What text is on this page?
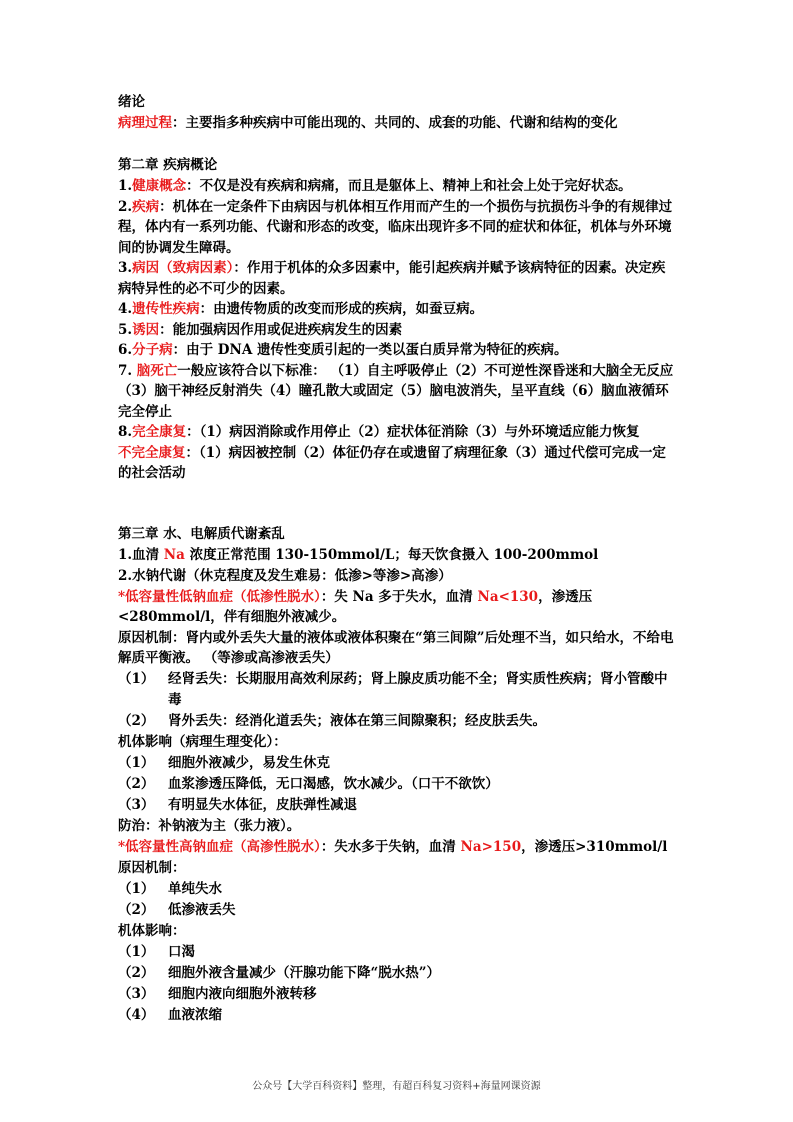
绪论
病理过程：主要指多种疾病中可能出现的、共同的、成套的功能、代谢和结构的变化
第二章 疾病概论
1.健康概念：不仅是没有疾病和病痛，而且是躯体上、精神上和社会上处于完好状态。
2.疾病：机体在一定条件下由病因与机体相互作用而产生的一个损伤与抗损伤斗争的有规律过程，体内有一系列功能、代谢和形态的改变，临床出现许多不同的症状和体征，机体与外环境间的协调发生障碍。
3.病因（致病因素）：作用于机体的众多因素中，能引起疾病并赋予该病特征的因素。决定疾病特异性的必不可少的因素。
4.遗传性疾病：由遗传物质的改变而形成的疾病，如蚕豆病。
5.诱因：能加强病因作用或促进疾病发生的因素
6.分子病：由于 DNA 遗传性变质引起的一类以蛋白质异常为特征的疾病。
7. 脑死亡一般应该符合以下标准： （1）自主呼吸停止（2）不可逆性深昏迷和大脑全无反应（3）脑干神经反射消失（4）瞳孔散大或固定（5）脑电波消失，呈平直线（6）脑血液循环完全停止
8.完全康复：（1）病因消除或作用停止（2）症状体征消除（3）与外环境适应能力恢复
不完全康复：（1）病因被控制（2）体征仍存在或遗留了病理征象（3）通过代偿可完成一定的社会活动
第三章 水、电解质代谢紊乱
1.血清 Na 浓度正常范围 130-150mmol/L；每天饮食摄入 100-200mmol
2.水钠代谢（休克程度及发生难易：低渗>等渗>高渗）
*低容量性低钠血症（低渗性脱水）：失 Na 多于失水，血清 Na<130，渗透压<280mmol/l，伴有细胞外液减少。
原因机制：肾内或外丢失大量的液体或液体积聚在“第三间隙”后处理不当，如只给水，不给电解质平衡液。 （等渗或高渗液丢失）
（1）	经肾丢失：长期服用高效利尿药；肾上腺皮质功能不全；肾实质性疾病；肾小管酸中毒
（2）	肾外丢失：经消化道丢失；液体在第三间隙聚积；经皮肤丢失。
机体影响（病理生理变化）：
（1）	细胞外液减少，易发生休克
（2）	血浆渗透压降低，无口渴感，饮水减少。（口干不欲饮）
（3）	有明显失水体征，皮肤弹性减退
防治：补钠液为主（张力液）。
*低容量性高钠血症（高渗性脱水）：失水多于失钠，血清 Na>150，渗透压>310mmol/l
原因机制：
（1）	单纯失水
（2）	低渗液丢失
机体影响：
（1）	口渴
（2）	细胞外液含量减少（汗腺功能下降“脱水热”）
（3）	细胞内液向细胞外液转移
（4）	血液浓缩
公众号【大学百科资料】整理，有超百科复习资料+海量网课资源
